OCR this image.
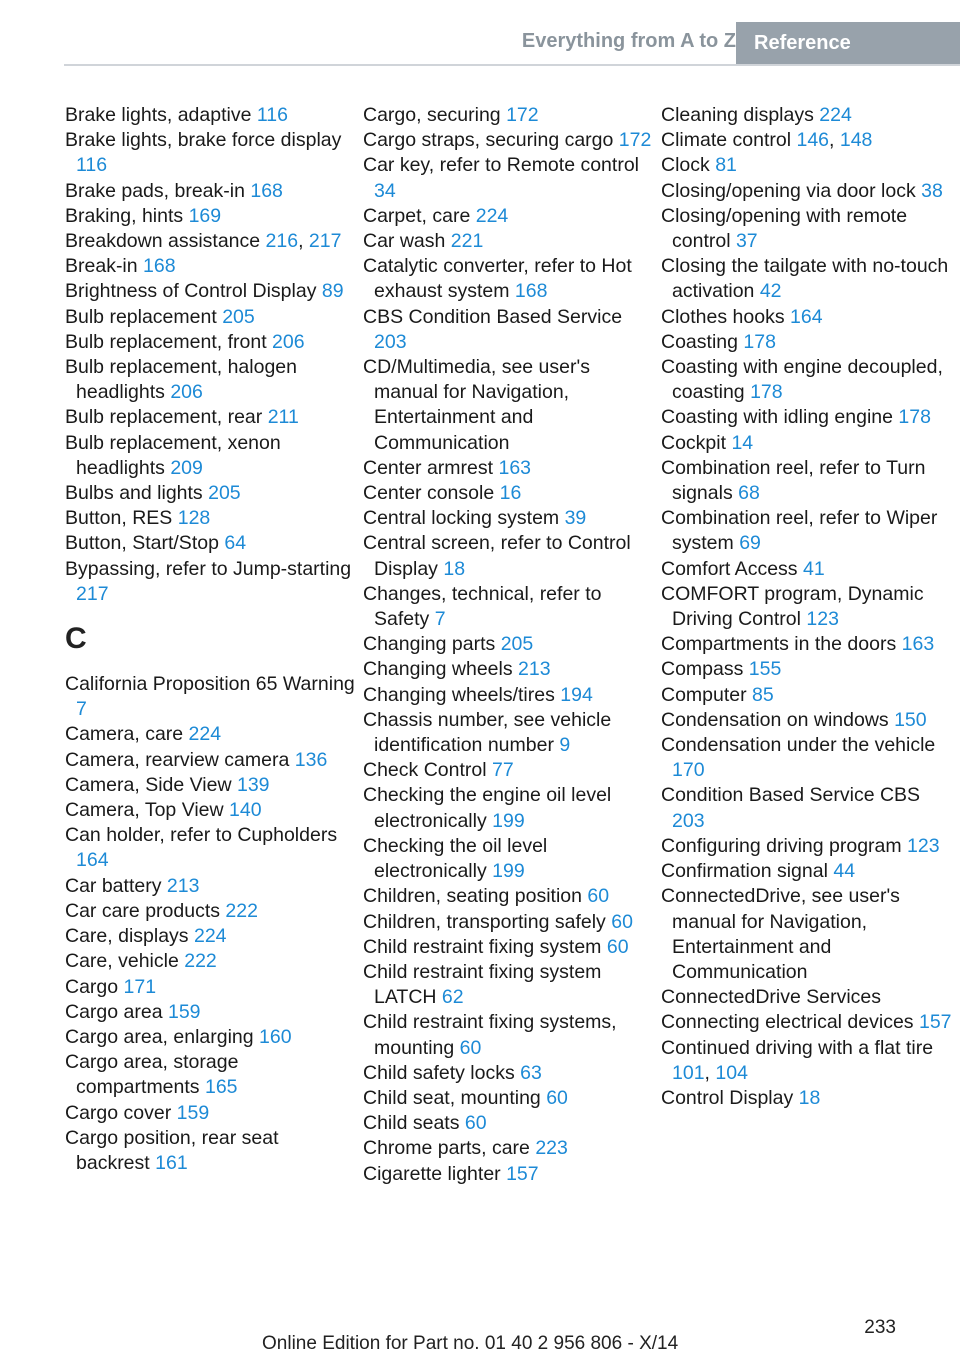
Everything from A to Z Reference
Brake lights, adaptive 116
Brake lights, brake force display 116
Brake pads, break-in 168
Braking, hints 169
Breakdown assistance 216, 217
Break-in 168
Brightness of Control Display 89
Bulb replacement 205
Bulb replacement, front 206
Bulb replacement, halogen headlights 206
Bulb replacement, rear 211
Bulb replacement, xenon headlights 209
Bulbs and lights 205
Button, RES 128
Button, Start/Stop 64
Bypassing, refer to Jump-starting 217
C
California Proposition 65 Warning 7
Camera, care 224
Camera, rearview camera 136
Camera, Side View 139
Camera, Top View 140
Can holder, refer to Cupholders 164
Car battery 213
Car care products 222
Care, displays 224
Care, vehicle 222
Cargo 171
Cargo area 159
Cargo area, enlarging 160
Cargo area, storage compartments 165
Cargo cover 159
Cargo position, rear seat backrest 161
Cargo, securing 172
Cargo straps, securing cargo 172
Car key, refer to Remote control 34
Carpet, care 224
Car wash 221
Catalytic converter, refer to Hot exhaust system 168
CBS Condition Based Service 203
CD/Multimedia, see user's manual for Navigation, Entertainment and Communication
Center armrest 163
Center console 16
Central locking system 39
Central screen, refer to Control Display 18
Changes, technical, refer to Safety 7
Changing parts 205
Changing wheels 213
Changing wheels/tires 194
Chassis number, see vehicle identification number 9
Check Control 77
Checking the engine oil level electronically 199
Checking the oil level electronically 199
Children, seating position 60
Children, transporting safely 60
Child restraint fixing system 60
Child restraint fixing system LATCH 62
Child restraint fixing systems, mounting 60
Child safety locks 63
Child seat, mounting 60
Child seats 60
Chrome parts, care 223
Cigarette lighter 157
Cleaning displays 224
Climate control 146, 148
Clock 81
Closing/opening via door lock 38
Closing/opening with remote control 37
Closing the tailgate with no-touch activation 42
Clothes hooks 164
Coasting 178
Coasting with engine decoupled, coasting 178
Coasting with idling engine 178
Cockpit 14
Combination reel, refer to Turn signals 68
Combination reel, refer to Wiper system 69
Comfort Access 41
COMFORT program, Dynamic Driving Control 123
Compartments in the doors 163
Compass 155
Computer 85
Condensation on windows 150
Condensation under the vehicle 170
Condition Based Service CBS 203
Configuring driving program 123
Confirmation signal 44
ConnectedDrive, see user's manual for Navigation, Entertainment and Communication
ConnectedDrive Services
Connecting electrical devices 157
Continued driving with a flat tire 101, 104
Control Display 18
233
Online Edition for Part no. 01 40 2 956 806 - X/14
